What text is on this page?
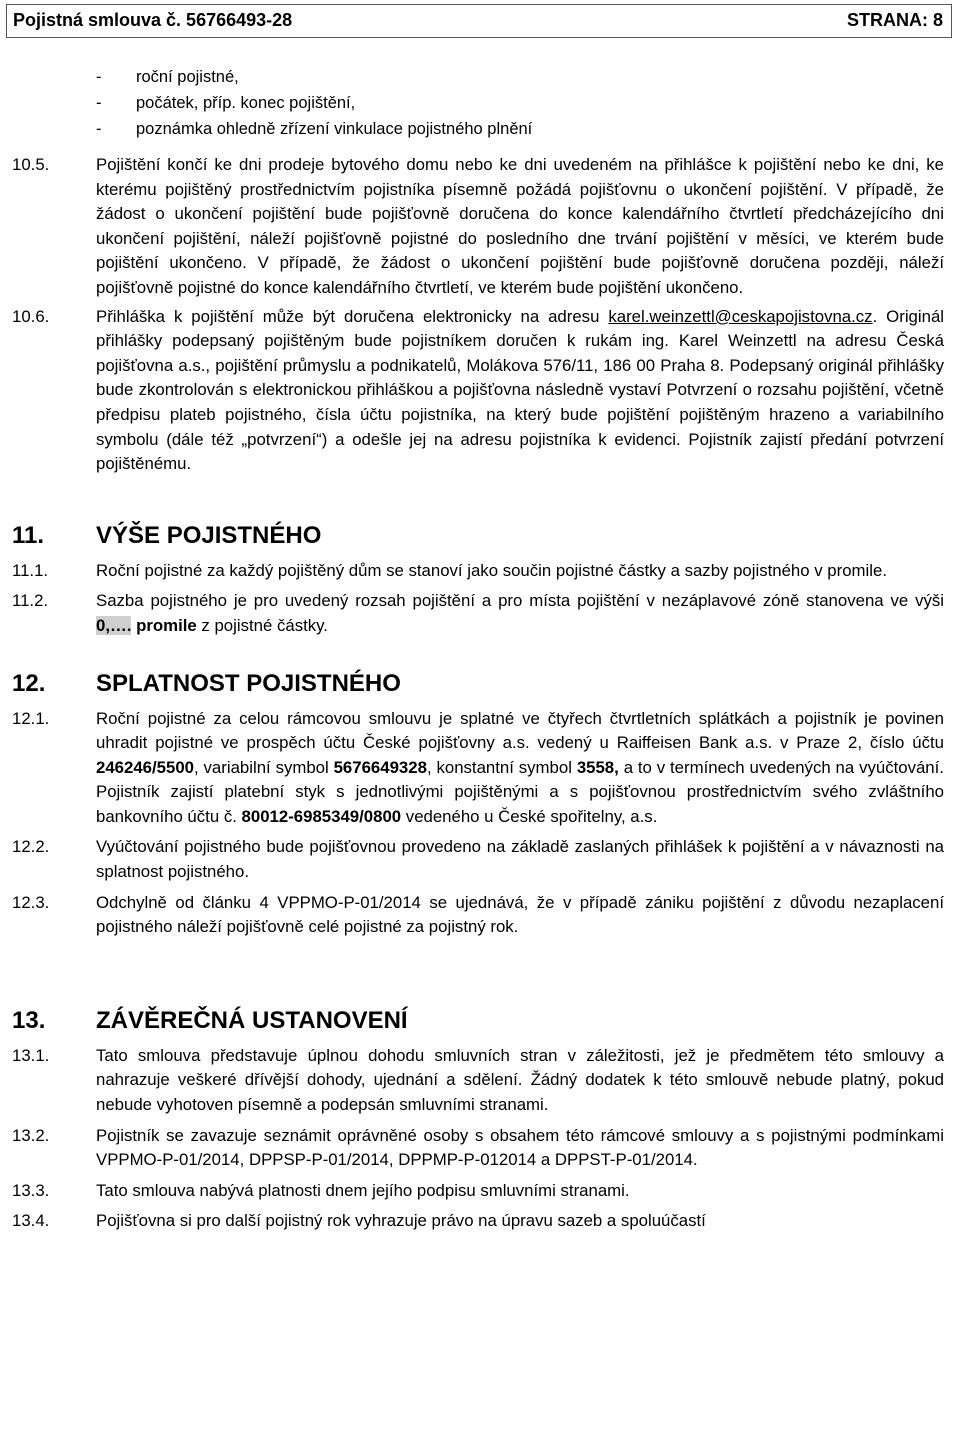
Pojistná smlouva č. 56766493-28	STRANA: 8
-	roční pojistné,
-	počátek, příp. konec pojištění,
-	poznámka ohledně zřízení vinkulace pojistného plnění
10.5.	Pojištění končí ke dni prodeje bytového domu nebo ke dni uvedeném na přihlášce k pojištění nebo ke dni, ke kterému pojištěný prostřednictvím pojistníka písemně požádá pojišťovnu o ukončení pojištění. V případě, že žádost o ukončení pojištění bude pojišťovně doručena do konce kalendářního čtvrtletí předcházejícího dni ukončení pojištění, náleží pojišťovně pojistné do posledního dne trvání pojištění v měsíci, ve kterém bude pojištění ukončeno. V případě, že žádost o ukončení pojištění bude pojišťovně doručena později, náleží pojišťovně pojistné do konce kalendářního čtvrtletí, ve kterém bude pojištění ukončeno.
10.6.	Přihláška k pojištění může být doručena elektronicky na adresu karel.weinzettl@ceskapojistovna.cz. Originál přihlášky podepsaný pojištěným bude pojistníkem doručen k rukám ing. Karel Weinzettl na adresu Česká pojišťovna a.s., pojištění průmyslu a podnikatelů, Molákova 576/11, 186 00 Praha 8. Podepsaný originál přihlášky bude zkontrolován s elektronickou přihláškou a pojišťovna následně vystaví Potvrzení o rozsahu pojištění, včetně předpisu plateb pojistného, čísla účtu pojistníka, na který bude pojištění pojištěným hrazeno a variabilního symbolu (dále též „potvrzení“) a odešle jej na adresu pojistníka k evidenci. Pojistník zajistí předání potvrzení pojištěnému.
11. VÝŠE POJISTNÉHO
11.1.	Roční pojistné za každý pojištěný dům se stanoví jako součin pojistné částky a sazby pojistného v promile.
11.2.	Sazba pojistného je pro uvedený rozsah pojištění a pro místa pojištění v nezáplavové zóně stanovena ve výši 0,…. promile z pojistné částky.
12. SPLATNOST POJISTNÉHO
12.1.	Roční pojistné za celou rámcovou smlouvu je splatné ve čtyřech čtvrtletních splátkách a pojistník je povinen uhradit pojistné ve prospěch účtu České pojišťovny a.s. vedený u Raiffeisen Bank a.s. v Praze 2, číslo účtu 246246/5500, variabilní symbol 5676649328, konstantní symbol 3558, a to v termínech uvedených na vyúčtování. Pojistník zajistí platební styk s jednotlivými pojištěnými a s pojišťovnou prostřednictvím svého zvláštního bankovního účtu č. 80012-6985349/0800 vedeného u České spořitelny, a.s.
12.2.	Vyúčtování pojistného bude pojišťovnou provedeno na základě zaslaných přihlášek k pojištění a v návaznosti na splatnost pojistného.
12.3.	Odchylně od článku 4 VPPMO-P-01/2014 se ujednává, že v případě zániku pojištění z důvodu nezaplacení pojistného náleží pojišťovně celé pojistné za pojistný rok.
13. ZÁVĚREČNÁ USTANOVENÍ
13.1.	Tato smlouva představuje úplnou dohodu smluvních stran v záležitosti, jež je předmětem této smlouvy a nahrazuje veškeré dřívější dohody, ujednání a sdělení. Žádný dodatek k této smlouvě nebude platný, pokud nebude vyhotoven písemně a podepsán smluvními stranami.
13.2.	Pojistník se zavazuje seznámit oprávněné osoby s obsahem této rámcové smlouvy a s pojistnými podmínkami VPPMO-P-01/2014, DPPSP-P-01/2014, DPPMP-P-012014 a DPPST-P-01/2014.
13.3.	Tato smlouva nabývá platnosti dnem jejího podpisu smluvními stranami.
13.4.	Pojišťovna si pro další pojistný rok vyhrazuje právo na úpravu sazeb a spoluúčastí
